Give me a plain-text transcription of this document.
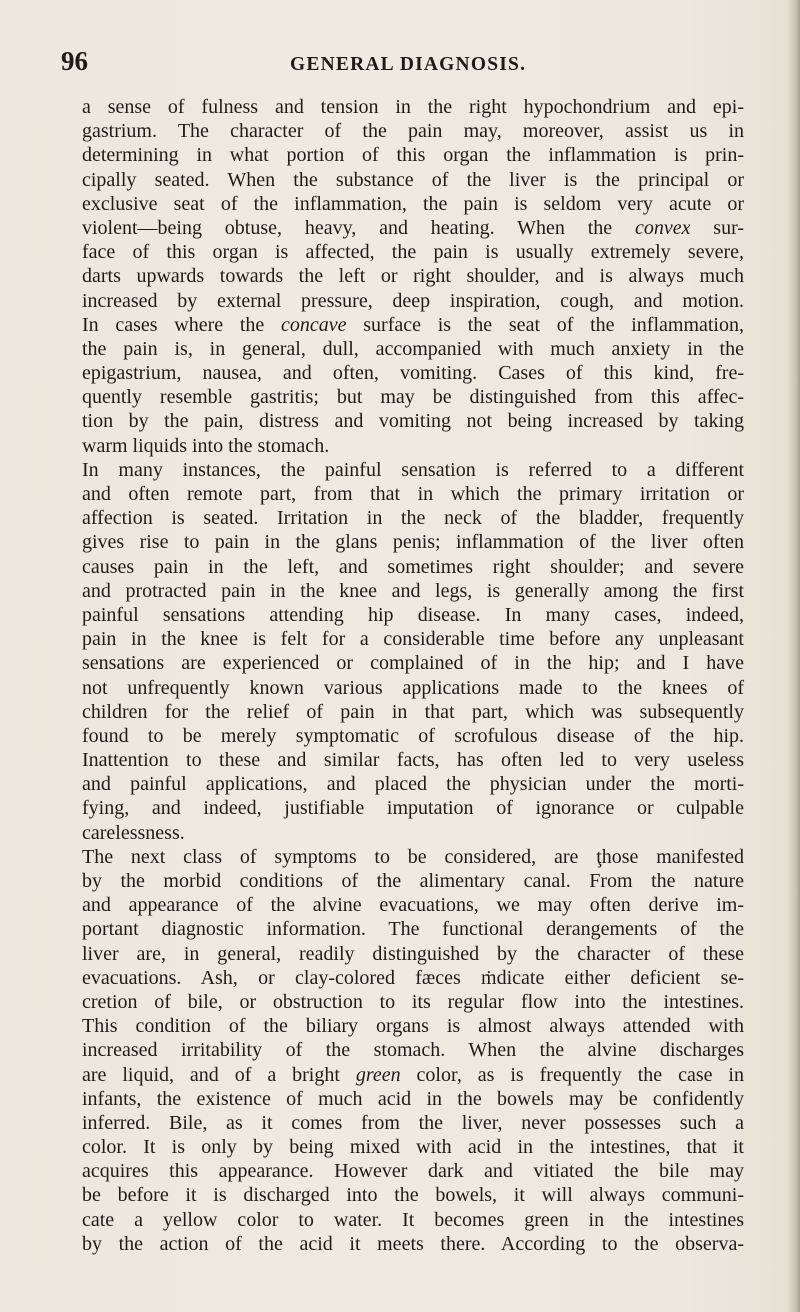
96	GENERAL DIAGNOSIS.
a sense of fulness and tension in the right hypochondrium and epi-
gastrium. The character of the pain may, moreover, assist us in
determining in what portion of this organ the inflammation is prin-
cipally seated. When the substance of the liver is the principal or
exclusive seat of the inflammation, the pain is seldom very acute or
violent—being obtuse, heavy, and heating. When the convex sur-
face of this organ is affected, the pain is usually extremely severe,
darts upwards towards the left or right shoulder, and is always much
increased by external pressure, deep inspiration, cough, and motion.
In cases where the concave surface is the seat of the inflammation,
the pain is, in general, dull, accompanied with much anxiety in the
epigastrium, nausea, and often, vomiting. Cases of this kind, fre-
quently resemble gastritis; but may be distinguished from this affec-
tion by the pain, distress and vomiting not being increased by taking
warm liquids into the stomach.
In many instances, the painful sensation is referred to a different
and often remote part, from that in which the primary irritation or
affection is seated. Irritation in the neck of the bladder, frequently
gives rise to pain in the glans penis; inflammation of the liver often
causes pain in the left, and sometimes right shoulder; and severe
and protracted pain in the knee and legs, is generally among the first
painful sensations attending hip disease. In many cases, indeed,
pain in the knee is felt for a considerable time before any unpleasant
sensations are experienced or complained of in the hip; and I have
not unfrequently known various applications made to the knees of
children for the relief of pain in that part, which was subsequently
found to be merely symptomatic of scrofulous disease of the hip.
Inattention to these and similar facts, has often led to very useless
and painful applications, and placed the physician under the morti-
fying, and indeed, justifiable imputation of ignorance or culpable
carelessness.
The next class of symptoms to be considered, are ţhose manifested
by the morbid conditions of the alimentary canal. From the nature
and appearance of the alvine evacuations, we may often derive im-
portant diagnostic information. The functional derangements of the
liver are, in general, readily distinguished by the character of these
evacuations. Ash, or clay-colored fæces ṁdicate either deficient se-
cretion of bile, or obstruction to its regular flow into the intestines.
This condition of the biliary organs is almost always attended with
increased irritability of the stomach. When the alvine discharges
are liquid, and of a bright green color, as is frequently the case in
infants, the existence of much acid in the bowels may be confidently
inferred. Bile, as it comes from the liver, never possesses such a
color. It is only by being mixed with acid in the intestines, that it
acquires this appearance. However dark and vitiated the bile may
be before it is discharged into the bowels, it will always communi-
cate a yellow color to water. It becomes green in the intestines
by the action of the acid it meets there. According to the observa-
